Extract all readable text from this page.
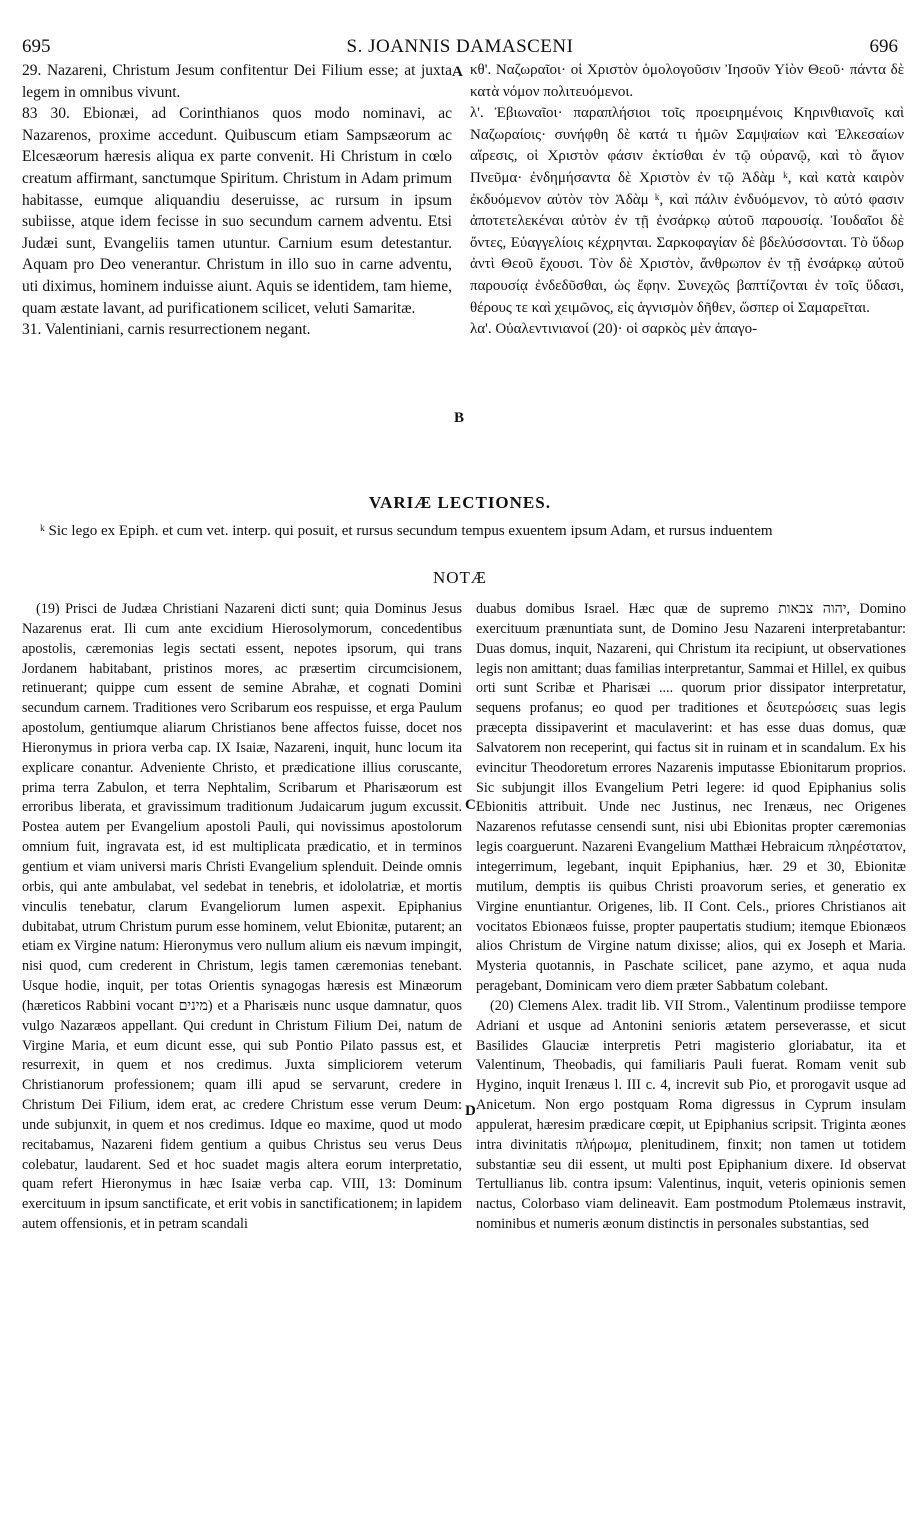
695	S. JOANNIS DAMASCENI	696

29. Nazareni, Christum Jesum confitentur Dei Filium esse; at juxta legem in omnibus vivunt.

83 30. Ebionæi, ad Corinthianos quos modo nominavi, ac Nazarenos, proxime accedunt. Quibuscum etiam Sampsæorum ac Elcesæorum hæresis aliqua ex parte convenit. Hi Christum in cœlo creatum affirmant, sanctumque Spiritum. Christum in Adam primum habitasse, eumque aliquandiu deseruisse, ac rursum in ipsum subiisse, atque idem fecisse in suo secundum carnem adventu. Etsi Judæi sunt, Evangeliis tamen utuntur. Carnium esum detestantur. Aquam pro Deo venerantur. Christum in illo suo in carne adventu, uti diximus, hominem induisse aiunt. Aquis se identidem, tam hieme, quam æstate lavant, ad purificationem scilicet, veluti Samaritæ.

31. Valentiniani, carnis resurrectionem negant.

A
B

κθ'. Ναζωραῖοι· οἱ Χριστὸν ὁμολογοῦσιν Ἰησοῦν Υἱὸν Θεοῦ· πάντα δὲ κατὰ νόμον πολιτευόμενοι.

λ'. Ἐβιωναῖοι· παραπλήσιοι τοῖς προειρημένοις Κηρινθιανοῖς καὶ Ναζωραίοις· συνήφθη δὲ κατά τι ἡμῶν Σαμψαίων καὶ Ἐλκεσαίων αἵρεσις, οἱ Χριστὸν φάσιν ἐκτίσθαι ἐν τῷ οὐρανῷ, καὶ τὸ ἅγιον Πνεῦμα· ἐνδημήσαντα δὲ Χριστὸν ἐν τῷ Ἀδὰμ ᵏ, καὶ κατὰ καιρὸν ἐκδυόμενον αὐτὸν τὸν Ἀδὰμ ᵏ, καὶ πάλιν ἐνδυόμενον, τὸ αὐτό φασιν ἀποτετελεκέναι αὐτὸν ἐν τῇ ἐνσάρκῳ αὐτοῦ παρουσίᾳ. Ἰουδαῖοι δὲ ὄντες, Εὐαγγελίοις κέχρηνται. Σαρκοφαγίαν δὲ βδελύσσονται. Τὸ ὕδωρ ἀντὶ Θεοῦ ἔχουσι. Τὸν δὲ Χριστὸν, ἄνθρωπον ἐν τῇ ἐνσάρκῳ αὐτοῦ παρουσίᾳ ἐνδεδῦσθαι, ὡς ἔφην. Συνεχῶς βαπτίζονται ἐν τοῖς ὕδασι, θέρους τε καὶ χειμῶνος, εἰς ἁγνισμὸν δῆθεν, ὥσπερ οἱ Σαμαρεῖται.

λα'. Οὐαλεντινιανοί (20)· οἱ σαρκὸς μὲν ἀπαγο-

VARIÆ LECTIONES.
ᵏ Sic lego ex Epiph. et cum vet. interp. qui posuit, et rursus secundum tempus exuentem ipsum Adam, et rursus induentem
NOTÆ

(19) Prisci de Judæa Christiani Nazareni dicti sunt; quia Dominus Jesus Nazarenus erat. Ili cum ante excidium Hierosolymorum, concedentibus apostolis, cæremonias legis sectati essent, nepotes ipsorum, qui trans Jordanem habitabant, pristinos mores, ac præsertim circumcisionem, retinuerant; quippe cum essent de semine Abrahæ, et cognati Domini secundum carnem. Traditiones vero Scribarum eos respuisse, et erga Paulum apostolum, gentiumque aliarum Christianos bene affectos fuisse, docet nos Hieronymus in priora verba cap. IX Isaiæ, Nazareni, inquit, hunc locum ita explicare conantur. Adveniente Christo, et prædicatione illius coruscante, prima terra Zabulon, et terra Nephtalim, Scribarum et Pharisæorum est erroribus liberata, et gravissimum traditionum Judaicarum jugum excussit. Postea autem per Evangelium apostoli Pauli, qui novissimus apostolorum omnium fuit, ingravata est, id est multiplicata prædicatio, et in terminos gentium et viam universi maris Christi Evangelium splenduit. Deinde omnis orbis, qui ante ambulabat, vel sedebat in tenebris, et idololatriæ, et mortis vinculis tenebatur, clarum Evangeliorum lumen aspexit. Epiphanius dubitabat, utrum Christum purum esse hominem, velut Ebionitæ, putarent; an etiam ex Virgine natum: Hieronymus vero nullum alium eis nævum impingit, nisi quod, cum crederent in Christum, legis tamen cæremonias tenebant. Usque hodie, inquit, per totas Orientis synagogas hæresis est Minæorum (hæreticos Rabbini vocant מינים) et a Pharisæis nunc usque damnatur, quos vulgo Nazaræos appellant. Qui credunt in Christum Filium Dei, natum de Virgine Maria, et eum dicunt esse, qui sub Pontio Pilato passus est, et resurrexit, in quem et nos credimus. Juxta simpliciorem veterum Christianorum professionem; quam illi apud se servarunt, credere in Christum Dei Filium, idem erat, ac credere Christum esse verum Deum: unde subjunxit, in quem et nos credimus. Idque eo maxime, quod ut modo recitabamus, Nazareni fidem gentium a quibus Christus seu verus Deus colebatur, laudarent. Sed et hoc suadet magis altera eorum interpretatio, quam refert Hieronymus in hæc Isaiæ verba cap. VIII, 13: Dominum exercituum in ipsum sanctificate, et erit vobis in sanctificationem; in lapidem autem offensionis, et in petram scandali

C
D

duabus domibus Israel. Hæc quæ de supremo יהוה צבאות, Domino exercituum prænuntiata sunt, de Domino Jesu Nazareni interpretabantur: Duas domus, inquit, Nazareni, qui Christum ita recipiunt, ut observationes legis non amittant; duas familias interpretantur, Sammai et Hillel, ex quibus orti sunt Scribæ et Pharisæi .... quorum prior dissipator interpretatur, sequens profanus; eo quod per traditiones et δευτερώσεις suas legis præcepta dissipaverint et maculaverint: et has esse duas domus, quæ Salvatorem non receperint, qui factus sit in ruinam et in scandalum. Ex his evincitur Theodoretum errores Nazarenis imputasse Ebionitarum proprios. Sic subjungit illos Evangelium Petri legere: id quod Epiphanius solis Ebionitis attribuit. Unde nec Justinus, nec Irenæus, nec Origenes Nazarenos refutasse censendi sunt, nisi ubi Ebionitas propter cæremonias legis coarguerunt. Nazareni Evangelium Matthæi Hebraicum πληρέστατον, integerrimum, legebant, inquit Epiphanius, hær. 29 et 30, Ebionitæ mutilum, demptis iis quibus Christi proavorum series, et generatio ex Virgine enuntiantur. Origenes, lib. II Cont. Cels., priores Christianos ait vocitatos Ebionæos fuisse, propter paupertatis studium; itemque Ebionæos alios Christum de Virgine natum dixisse; alios, qui ex Joseph et Maria. Mysteria quotannis, in Paschate scilicet, pane azymo, et aqua nuda peragebant, Dominicam vero diem præter Sabbatum colebant.

(20) Clemens Alex. tradit lib. VII Strom., Valentinum prodiisse tempore Adriani et usque ad Antonini senioris ætatem perseverasse, et sicut Basilides Glauciæ interpretis Petri magisterio gloriabatur, ita et Valentinum, Theobadis, qui familiaris Pauli fuerat. Romam venit sub Hygino, inquit Irenæus l. III c. 4, increvit sub Pio, et prorogavit usque ad Anicetum. Non ergo postquam Roma digressus in Cyprum insulam appulerat, hæresim prædicare cœpit, ut Epiphanius scripsit. Triginta æones intra divinitatis πλήρωμα, plenitudinem, finxit; non tamen ut totidem substantiæ seu dii essent, ut multi post Epiphanium dixere. Id observat Tertullianus lib. contra ipsum: Valentinus, inquit, veteris opinionis semen nactus, Colorbaso viam delineavit. Eam postmodum Ptolemæus instravit, nominibus et numeris æonum distinctis in personales substantias, sed
